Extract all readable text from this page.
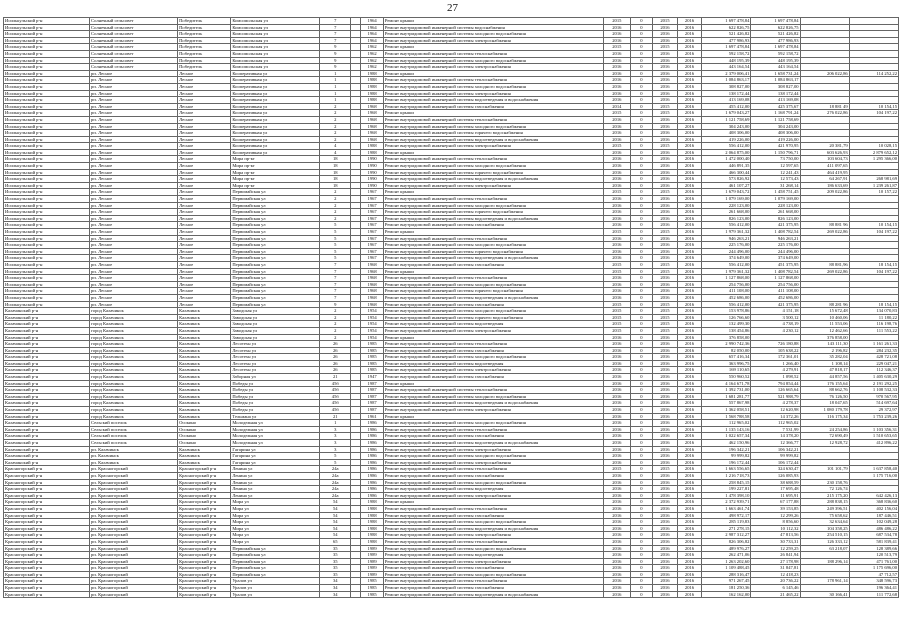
27
Исилькульский р-н	Солнечный сельсовет	Победитель	Комсомольская ул	7		1964	Ремонт крыши	2015	0	2015	2016	1 697 478,84	1 697 478,84		
Исилькульский р-н	Солнечный сельсовет	Победитель	Комсомольская ул	7		1964	Ремонт внутридомовой инженерной системы водоснабжения	2016	0	2016	2016	622 826,75	622 826,75		
Исилькульский р-н	Солнечный сельсовет	Победитель	Комсомольская ул	7		1964	Ремонт внутридомовой инженерной системы холодного водоснабжения	2016	0	2016	2016	521 426,82	521 426,82		
Исилькульский р-н	Солнечный сельсовет	Победитель	Комсомольская ул	7		1964	Ремонт внутридомовой инженерной системы электроснабжения	2016	0	2016	2016	477 986,93	477 986,93		
Исилькульский р-н	Солнечный сельсовет	Победитель	Комсомольская ул	9		1962	Ремонт крыши	2015	0	2015	2016	1 697 478,84	1 697 478,84		
Исилькульский р-н	Солнечный сельсовет	Победитель	Комсомольская ул	9		1962	Ремонт внутридомовой инженерной системы теплоснабжения	2016	0	2016	2016	592 158,72	592 158,72		
Исилькульский р-н	Солнечный сельсовет	Победитель	Комсомольская ул	9		1962	Ремонт внутридомовой инженерной системы холодного водоснабжения	2016	0	2016	2016	448 195,39	448 195,39		
Исилькульский р-н	Солнечный сельсовет	Победитель	Комсомольская ул	9		1962	Ремонт внутридомовой инженерной системы электроснабжения	2016	0	2016	2016	443 164,54	443 164,54		
Исилькульский р-н	рп. Лесное	Лесное	Кооперативная ул	1		1988	Ремонт крыши	2016	0	2016	2016	2 379 006,41	1 658 731,24	206 022,86	114 252,22
Исилькульский р-н	рп. Лесное	Лесное	Кооперативная ул	1		1988	Ремонт внутридомовой инженерной системы теплоснабжения	2016	0	2016	2016	1 084 863,17	1 084 863,17		
Исилькульский р-н	рп. Лесное	Лесное	Кооперативная ул	1		1988	Ремонт внутридомовой инженерной системы холодного водоснабжения	2016	0	2016	2016	308 827,00	308 827,00		
Исилькульский р-н	рп. Лесное	Лесное	Кооперативная ул	1		1988	Ремонт внутридомовой инженерной системы электроснабжения	2016	0	2016	2016	138 172,44	138 172,44		
Исилькульский р-н	рп. Лесное	Лесное	Кооперативная ул	1		1988	Ремонт внутридомовой инженерной системы водоотведения и водоснабжения	2016	0	2016	2016	413 169,08	413 169,08		
Исилькульский р-н	рп. Лесное	Лесное	Кооперативная ул	2		1968	Ремонт внутридомовой инженерной системы газоснабжения	2014	0	2015	2016	455 412,00	425 375,67	18 881 49	10 154,15
Исилькульский р-н	рп. Лесное	Лесное	Кооперативная ул	2		1968	Ремонт крыши	2015	0	2015	2016	1 679 043,27	1 168 791,24	276 022,86	104 197,22
Исилькульский р-н	рп. Лесное	Лесное	Кооперативная ул	2		1968	Ремонт внутридомовой инженерной системы теплоснабжения	2016	0	2016	2016	1 121 758,69	1 121 758,69		
Исилькульский р-н	рп. Лесное	Лесное	Кооперативная ул	2		1968	Ремонт внутридомовой инженерной системы холодного водоснабжения	2016	0	2016	2016	304 243,00	304 243,00		
Исилькульский р-н	рп. Лесное	Лесное	Кооперативная ул	2		1968	Ремонт внутридомовой инженерной системы горячего водоснабжения	2016	0	2016	2016	408 306,00	408 306,00		
Исилькульский р-н	рп. Лесное	Лесное	Кооперативная ул	2		1968	Ремонт внутридомовой инженерной системы водоотведения и водоснабжения	2016	0	2016	2016	419 226,00	419 226,00		
Исилькульский р-н	рп. Лесное	Лесное	Кооперативная ул	4		1988	Ремонт внутридомовой инженерной системы электроснабжения	2015	0	2015	2016	556 412,00	421 970,95	20 381,79	10 028,15
Исилькульский р-н	рп. Лесное	Лесное	Кооперативная ул	4		1988	Ремонт крыши	2016	0	2016	2016	2 064 875,00	1 150 796,71	603 626,93	2 879 652,12
Исилькульский р-н	рп. Лесное	Лесное	Мира пр-кт	18		1990	Ремонт внутридомовой инженерной системы теплоснабжения	2016	0	2016	2016	1 472 000,40	73 750,00	103 604,73	1 295 366,00
Исилькульский р-н	рп. Лесное	Лесное	Мира пр-кт	18		1990	Ремонт внутридомовой инженерной системы холодного водоснабжения	2016	0	2016	2016	446 891,35	12 597,65	411 097,65	
Исилькульский р-н	рп. Лесное	Лесное	Мира пр-кт	18		1990	Ремонт внутридомовой инженерной системы горячего водоснабжения	2016	0	2016	2016	466 300,44	12 241,43	464 419,95	
Исилькульский р-н	рп. Лесное	Лесное	Мира пр-кт	18		1990	Ремонт внутридомовой инженерной системы водоотведения и водоснабжения	2016	0	2016	2016	573 826,92	12 573,43	64 267,91	268 981,69
Исилькульский р-н	рп. Лесное	Лесное	Мира пр-кт	18		1990	Ремонт внутридомовой инженерной системы электроснабжения	2016	0	2016	2016	461 107,27	31 268,14	186 633,69	1 239 261,87
Исилькульский р-н	рп. Лесное	Лесное	Первомайская ул	2		1967	Ремонт крыши	2015	0	2015	2016	1 679 043,72	1 458 751,45	209 022,86	10 157,22
Исилькульский р-н	рп. Лесное	Лесное	Первомайская ул	2		1967	Ремонт внутридомовой инженерной системы теплоснабжения	2016	0	2016	2016	1 079 169,00	1 079 169,00		
Исилькульский р-н	рп. Лесное	Лесное	Первомайская ул	2		1967	Ремонт внутридомовой инженерной системы холодного водоснабжения	2016	0	2016	2016	228 123,00	228 123,00		
Исилькульский р-н	рп. Лесное	Лесное	Первомайская ул	2		1967	Ремонт внутридомовой инженерной системы горячего водоснабжения	2016	0	2016	2016	261 668,00	261 668,00		
Исилькульский р-н	рп. Лесное	Лесное	Первомайская ул	2		1967	Ремонт внутридомовой инженерной системы водоотведения и водоснабжения	2016	0	2016	2016	826 123,00	826 123,00		
Исилькульский р-н	рп. Лесное	Лесное	Первомайская ул	5		1967	Ремонт внутридомовой инженерной системы газоснабжения	2016	0	2016	2016	556 412,00	421 375,95	88 881 96	10 154,15
Исилькульский р-н	рп. Лесное	Лесное	Первомайская ул	5		1967	Ремонт крыши	2015	0	2015	2016	1 979 361,32	1 408 782,54	269 022,86	104 197,22
Исилькульский р-н	рп. Лесное	Лесное	Первомайская ул	5		1967	Ремонт внутридомовой инженерной системы теплоснабжения	2016	0	2016	2016	946 263,21	946 263,21		
Исилькульский р-н	рп. Лесное	Лесное	Первомайская ул	5		1967	Ремонт внутридомовой инженерной системы холодного водоснабжения	2016	0	2016	2016	225 176,00	225 176,00		
Исилькульский р-н	рп. Лесное	Лесное	Первомайская ул	5		1967	Ремонт внутридомовой инженерной системы горячего водоснабжения	2016	0	2016	2016	244 496,00	244 496,00		
Исилькульский р-н	рп. Лесное	Лесное	Первомайская ул	5		1967	Ремонт внутридомовой инженерной системы водоотведения и водоснабжения	2016	0	2016	2016	374 649,00	374 649,00		
Исилькульский р-н	рп. Лесное	Лесное	Первомайская ул	7		1968	Ремонт внутридомовой инженерной системы газоснабжения	2015	0	2015	2016	556 412,00	451 375,95	88 881,96	18 154,15
Исилькульский р-н	рп. Лесное	Лесное	Первомайская ул	7		1968	Ремонт крыши	2015	0	2015	2016	1 979 361,32	1 408 782,54	269 022,86	104 197,22
Исилькульский р-н	рп. Лесное	Лесное	Первомайская ул	7		1968	Ремонт внутридомовой инженерной системы теплоснабжения	2016	0	2016	2016	1 127 868,00	1 127 868,00		
Исилькульский р-н	рп. Лесное	Лесное	Первомайская ул	7		1968	Ремонт внутридомовой инженерной системы холодного водоснабжения	2016	0	2016	2016	254 756,00	254 756,00		
Исилькульский р-н	рп. Лесное	Лесное	Первомайская ул	7		1968	Ремонт внутридомовой инженерной системы горячего водоснабжения	2016	0	2016	2016	411 108,00	411 108,00		
Исилькульский р-н	рп. Лесное	Лесное	Первомайская ул	7		1968	Ремонт внутридомовой инженерной системы водоотведения и водоснабжения	2016	0	2016	2016	452 686,00	452 686,00		
Исилькульский р-н	рп. Лесное	Лесное	Первомайская ул	9		1968	Ремонт внутридомовой инженерной системы газоснабжения	2015	0	2015	2016	556 412,00	421 375,95	88 281 96	18 154,15
Калачинский р-н	город Калачинск	Калачинск	Заводская ул	2		1954	Ремонт внутридомовой инженерной системы холодного водоснабжения	2015	0	2015	2016	153 978,86	4 151,18	15 672,48	134 070,83
Калачинский р-н	город Калачинск	Калачинск	Заводская ул	2		1954	Ремонт внутридомовой инженерной системы горячего водоснабжения	2015	0	2015	2016	126 766,60	3 500,12	10 460,06	11 180,22
Калачинский р-н	город Калачинск	Калачинск	Заводская ул	2		1954	Ремонт внутридомовой инженерной системы водоотведения	2015	0	2015	2016	132 499,30	4 738,19	11 553,06	116 198,76
Калачинский р-н	город Калачинск	Калачинск	Заводская ул	2		1954	Ремонт внутридомовой инженерной системы электроснабжения	2015	0	2015	2016	138 454,86	4 230,12	12 462,66	111 553,22
Калачинский р-н	город Калачинск	Калачинск	Заводская ул	2		1954	Ремонт крыши	2016	0	2016	2016	376 858,00		376 858,00	
Калачинский р-н	город Калачинск	Калачинск	Лесотехн ул	26		1985	Ремонт внутридомовой инженерной системы теплоснабжения	2016	0	2016	2016	2 990 742,36	726 180,88	143 111,30	1 161 261,33
Калачинский р-н	город Калачинск	Калачинск	Лесотехн ул	26		1985	Ремонт внутридомовой инженерной системы газоснабжения	2016	0	2016	2016	82 050,00	105 638,22	2 196,82	284 232,35
Калачинский р-н	город Калачинск	Калачинск	Лесотехн ул	26		1985	Ремонт внутридомовой инженерной системы холодного водоснабжения	2016	0	2016	2016	657 416,34	172 361,01	35 282,04	428 721,08
Калачинский р-н	город Калачинск	Калачинск	Лесотехн ул	26		1985	Ремонт внутридомовой инженерной системы водоотведения	2016	0	2016	2016	363 996,75	1 266,40	1 108,14	229 047,21
Калачинский р-н	город Калачинск	Калачинск	Лесотехн ул	26		1985	Ремонт внутридомовой инженерной системы электроснабжения	2016	0	2016	2016	169 110,65	4 279,91	47 818,17	112 346,37
Калачинский р-н	город Калачинск	Калачинск	Заборная ул	21		1947	Ремонт внутридомовой инженерной системы газоснабжения	2016	0	2016	2016	550 960,52	1 098,52	44 857,56	1 405 630,29
Калачинский р-н	город Калачинск	Калачинск	Победы ул	45б		1987	Ремонт крыши	2016	0	2016	2016	4 164 671,78	794 854,44	176 155,64	2 191 292,25
Калачинский р-н	город Калачинск	Калачинск	Победы ул	45б		1987	Ремонт внутридомовой инженерной системы теплоснабжения	2016	0	2016	2016	1 392 731,00	126 665,64	88 662,76	1 108 532,33
Калачинский р-н	город Калачинск	Калачинск	Победы ул	45б		1987	Ремонт внутридомовой инженерной системы холодного водоснабжения	2016	0	2016	2016	1 681 281,77	521 988,79	76 126,50	970 567,95
Калачинский р-н	город Калачинск	Калачинск	Победы ул	45б		1987	Ремонт внутридомовой инженерной системы водоотведения и водоснабжения	2016	0	2016	2016	557 867,98	4 278,37	18 047,65	514 697,64
Калачинский р-н	город Калачинск	Калачинск	Победы ул	45б		1987	Ремонт внутридомовой инженерной системы электроснабжения	2016	0	2016	2016	1 362 058,51	12 620,98	1 080 179,78	29 372,97
Калачинский р-н	город Калачинск	Калачинск	Тельмана ул	21		1961	Ремонт крыши	2016	0	2016	2016	1 568 788,58	14 372,26	116 175,34	1 753 239,26
Калачинский р-н	Сельский поселок	Осокино	Молодежная ул	1		1986	Ремонт внутридомовой инженерной системы холодного водоснабжения	2016	0	2016	2016	112 965,02	112 965,02		
Калачинский р-н	Сельский поселок	Осокино	Молодежная ул	3		1986	Ремонт внутридомовой инженерной системы теплоснабжения	2016	0	2016	2016	1 135 143,16	7 531,99	24 254,86	1 103 356,31
Калачинский р-н	Сельский поселок	Осокино	Молодежная ул	3		1986	Ремонт внутридомовой инженерной системы газоснабжения	2016	0	2016	2016	1 022 657,34	14 378,20	72 690,49	1 510 653,65
Калачинский р-н	Сельский поселок	Осокино	Молодежная ул	3		1986	Ремонт внутридомовой инженерной системы водоотведения и водоснабжения	2016	0	2016	2016	462 150,96	12 366,77	12 928,72	412 896,22
Калачинский р-н	рп. Калачинск	Калачинск	Гагарина ул	3		1986	Ремонт внутридомовой инженерной системы электроснабжения	2016	0	2016	2016	196 342,21	106 342,21		
Калачинский р-н	рп. Калачинск	Калачинск	Гагарина ул	5		1986	Ремонт внутридомовой инженерной системы холодного водоснабжения	2016	0	2016	2016	99 999,82	99 999,82		
Калачинский р-н	рп. Калачинск	Калачинск	Гагарина ул	5		1986	Ремонт внутридомовой инженерной системы электроснабжения	2016	0	2016	2016	196 172,44	106 172,44		
Красногорский р-н	рп. Красногорский	Красногорский р-н	Ленина ул	24а		1986	Ремонт внутридомовой инженерной системы теплоснабжения	2015	0	2015	2016	1 663 556,65	324 630,47	101 101,79	1 637 858,40
Красногорский р-н	рп. Красногорский	Красногорский р-н	Ленина ул	24а		1986	Ремонт внутридомовой инженерной системы газоснабжения	2016	0	2016	2016	1 216 718,73	126 085,93		1 175 716,00
Красногорский р-н	рп. Красногорский	Красногорский р-н	Ленина ул	24а		1986	Ремонт внутридомовой инженерной системы холодного водоснабжения	2016	0	2016	2016	258 845,15	38 688,59	230 158,76	
Красногорский р-н	рп. Красногорский	Красногорский р-н	Ленина ул	24а		1986	Ремонт внутридомовой инженерной системы водоотведения	2016	0	2016	2016	199 227,81	17 695,48	72 126,74	
Красногорский р-н	рп. Красногорский	Красногорский р-н	Ленина ул	24а		1986	Ремонт внутридомовой инженерной системы электроснабжения	2016	0	2016	2016	1 478 398,10	11 695,91	215 175,20	642 426,13
Красногорский р-н	рп. Красногорский	Красногорский р-н	Мира ул	54		1988	Ремонт крыши	2016	0	2016	2016	2 372 939,71	67 177,88	288 838,15	368 836,60
Красногорский р-н	рп. Красногорский	Красногорский р-н	Мира ул	54		1988	Ремонт внутридомовой инженерной системы теплоснабжения	2016	0	2016	2016	1 663 461,74	39 153,85	249 396,51	402 156,04
Красногорский р-н	рп. Красногорский	Красногорский р-н	Мира ул	54		1988	Ремонт внутридомовой инженерной системы газоснабжения	2016	0	2016	2016	498 972,17	12 299,26	75 658,62	187 446,51
Красногорский р-н	рп. Красногорский	Красногорский р-н	Мира ул	54		1988	Ремонт внутридомовой инженерной системы холодного водоснабжения	2016	0	2016	2016	285 119,83	8 856,60	32 634,64	102 049,28
Красногорский р-н	рп. Красногорский	Красногорский р-н	Мира ул	54		1988	Ремонт внутридомовой инженерной системы водоотведения и водоснабжения	2016	0	2016	2016	271 278,15	10 112,32	104 358,25	486 486,22
Красногорский р-н	рп. Красногорский	Красногорский р-н	Мира ул	54		1988	Ремонт внутридомовой инженерной системы электроснабжения	2016	0	2016	2016	2 987 312,27	47 813,56	254 510,15	687 534,78
Красногорский р-н	рп. Красногорский	Красногорский р-н	Мира ул	65		1988	Ремонт внутридомовой инженерной системы теплоснабжения	2016	0	2016	2016	826 306,82	30 733,31	126 333,12	581 839,41
Красногорский р-н	рп. Красногорский	Красногорский р-н	Первомайская ул	35		1989	Ремонт внутридомовой инженерной системы холодного водоснабжения	2016	0	2016	2016	489 976,27	12 259,25	63 218,07	128 389,66
Красногорский р-н	рп. Красногорский	Красногорский р-н	Первомайская ул	35		1989	Ремонт внутридомовой инженерной системы водоотведения	2016	0	2016	2016	262 471,06	26 841,94		120 513,79
Красногорский р-н	рп. Красногорский	Красногорский р-н	Первомайская ул	35		1989	Ремонт внутридомовой инженерной системы электроснабжения	2016	0	2016	2016	1 263 202,60	27 178,98	188 296,14	471 761,00
Красногорский р-н	рп. Красногорский	Красногорский р-н	Первомайская ул	35		1989	Ремонт внутридомовой инженерной системы газоснабжения	2016	0	2016	2016	1 109 488,45	31 847,81		1 175 696,00
Красногорский р-н	рп. Красногорский	Красногорский р-н	Первомайская ул	35		1989	Ремонт внутридомовой инженерной системы холодного водоснабжения	2016	0	2016	2016	288 316,47	12 418,23		47 712,57
Красногорский р-н	рп. Красногорский	Красногорский р-н	Уралов ул	34		1985	Ремонт внутридомовой инженерной системы теплоснабжения	2016	0	2016	2016	971 267,45	20 736,22	178 961,14	348 596,73
Красногорский р-н	рп. Красногорский	Красногорский р-н	Уралов ул	34		1985	Ремонт внутридомовой инженерной системы газоснабжения	2016	0	2016	2016	181 250,36	6 145,46		196 364,41
Красногорский р-н	рп. Красногорский	Красногорский р-н	Уралов ул	34		1985	Ремонт внутридомовой инженерной системы водоотведения и водоснабжения	2016	0	2016	2016	162 162,00	21 465,22	30 166,41	111 772,68
